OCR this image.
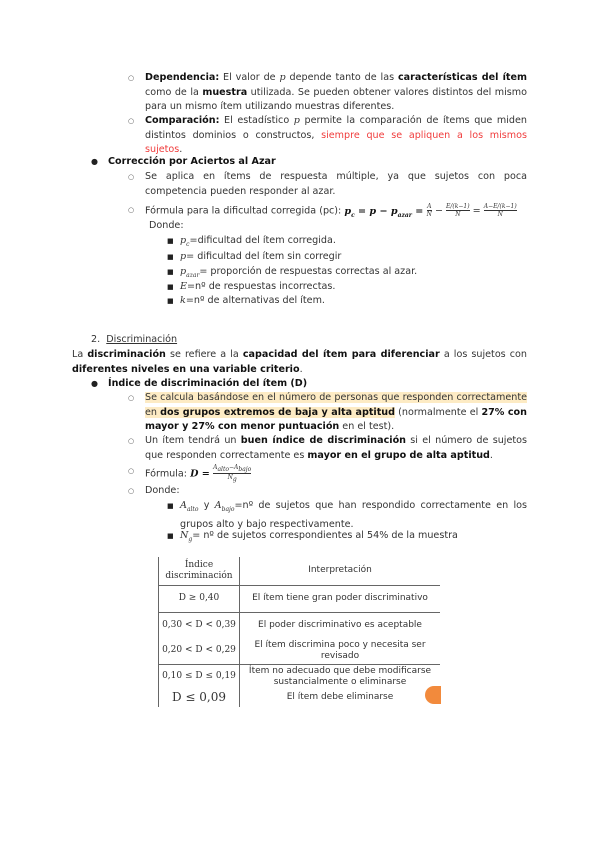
○ Dependencia: El valor de p depende tanto de las características del ítem como de la muestra utilizada. Se pueden obtener valores distintos del mismo para un mismo ítem utilizando muestras diferentes.
○ Comparación: El estadístico p permite la comparación de ítems que miden distintos dominios o constructos, siempre que se apliquen a los mismos sujetos.
● Corrección por Aciertos al Azar
○ Se aplica en ítems de respuesta múltiple, ya que sujetos con poca competencia pueden responder al azar.
○ Fórmula para la dificultad corregida (pc): $p_c = p - p_{azar} = \frac{A}{N} - \frac{E/(k-1)}{N} = \frac{A-E/(k-1)}{N}$
Donde:
■ $p_c=dificultad$ del ítem corregida.
■ p= dificultad del ítem sin corregir
■ $p_{azar}=$ proporción de respuestas correctas al azar.
■ E=nº de respuestas incorrectas.
■ k=nº de alternativas del ítem.
2. Discriminación
La discriminación se refiere a la capacidad del ítem para diferenciar a los sujetos con diferentes niveles en una variable criterio.
● Índice de discriminación del ítem (D)
○ Se calcula basándose en el número de personas que responden correctamente en dos grupos extremos de baja y alta aptitud (normalmente el 27% con mayor y 27% con menor puntuación en el test).
○ Un ítem tendrá un buen índice de discriminación si el número de sujetos que responden correctamente es mayor en el grupo de alta aptitud.
○ Fórmula: $D = \frac{A_{alto}-A_{bajo}}{N_g}$
○ Donde:
■ $A_{alto}$ y $A_{bajo}=nº$ de sujetos que han respondido correctamente en los grupos alto y bajo respectivamente.
■ $N_g=$ nº de sujetos correspondientes al 54% de la muestra
Índice discriminación	Interpretación
D ≥ 0,40	El ítem tiene gran poder discriminativo
0,30 < D < 0,39	El poder discriminativo es aceptable
0,20 < D < 0,29	El ítem discrimina poco y necesita ser revisado
0,10 ≤ D ≤ 0,19	Ítem no adecuado que debe modificarse sustancialmente o eliminarse
D ≤ 0,09	El ítem debe eliminarse
